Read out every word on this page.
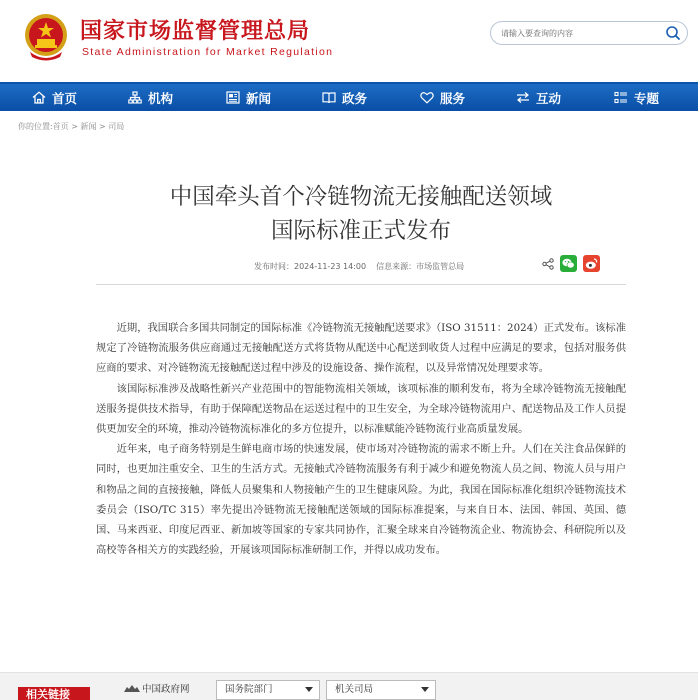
国家市场监督管理总局
State Administration for Market Regulation
请输入要查询的内容
首页	机构	新闻	政务	服务	互动	专题
你的位置:首页 > 新闻 > 司局
中国牵头首个冷链物流无接触配送领域
国际标准正式发布
发布时间：2024-11-23 14:00 信息来源：市场监管总局

近期，我国联合多国共同制定的国际标准《冷链物流无接触配送要求》（ISO 31511：2024）正式发布。该标准规定了冷链物流服务供应商通过无接触配送方式将货物从配送中心配送到收货人过程中应满足的要求，包括对服务供应商的要求、对冷链物流无接触配送过程中涉及的设施设备、操作流程，以及异常情况处理要求等。

该国际标准涉及战略性新兴产业范围中的智能物流相关领域，该项标准的顺利发布，将为全球冷链物流无接触配送服务提供技术指导，有助于保障配送物品在运送过程中的卫生安全，为全球冷链物流用户、配送物品及工作人员提供更加安全的环境，推动冷链物流标准化的多方位提升，以标准赋能冷链物流行业高质量发展。

近年来，电子商务特别是生鲜电商市场的快速发展，使市场对冷链物流的需求不断上升。人们在关注食品保鲜的同时，也更加注重安全、卫生的生活方式。无接触式冷链物流服务有利于减少和避免物流人员之间、物流人员与用户和物品之间的直接接触，降低人员聚集和人物接触产生的卫生健康风险。为此，我国在国际标准化组织冷链物流技术委员会（ISO/TC 315）率先提出冷链物流无接触配送领域的国际标准提案，与来自日本、法国、韩国、英国、德国、马来西亚、印度尼西亚、新加坡等国家的专家共同协作，汇聚全球来自冷链物流企业、物流协会、科研院所以及高校等各相关方的实践经验，开展该项国际标准研制工作，并得以成功发布。

相关链接	中国政府网	国务院部门	机关司局
